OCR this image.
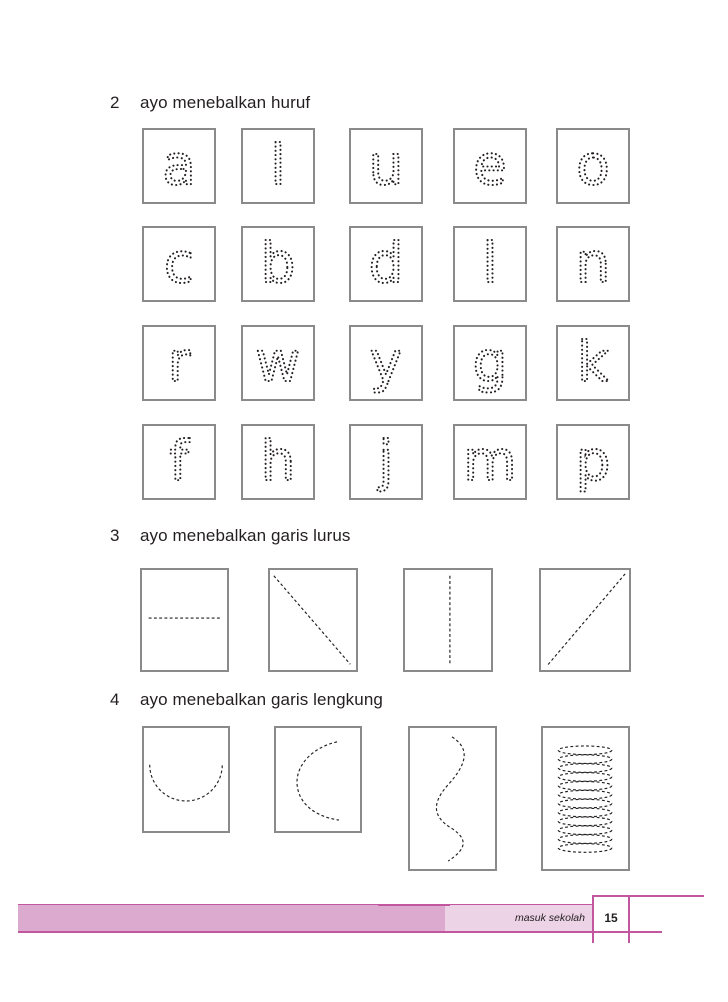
2 ayo menebalkan huruf
a l u e o
c b d l n
r w y g k
f h j m p
3 ayo menebalkan garis lurus
4 ayo menebalkan garis lengkung
masuk sekolah	15
